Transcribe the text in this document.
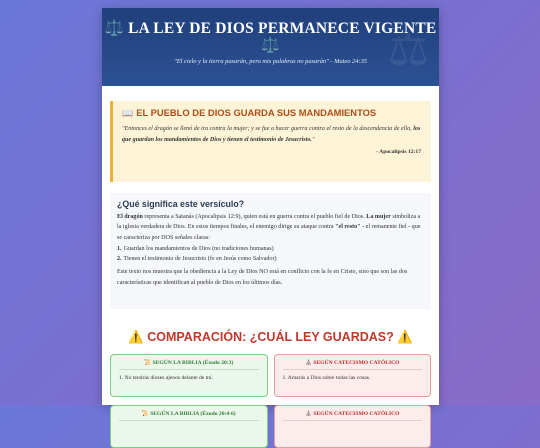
⚖
⚖️ LA LEY DE DIOS PERMANECE VIGENTE
⚖️
"El cielo y la tierra pasarán, pero mis palabras no pasarán" - Mateo 24:35
📖 EL PUEBLO DE DIOS GUARDA SUS MANDAMIENTOS
"Entonces el dragón se llenó de ira contra la mujer; y se fue a hacer guerra contra el resto de la descendencia de ella, los que guardan los mandamientos de Dios y tienen el testimonio de Jesucristo."
- Apocalipsis 12:17
¿Qué significa este versículo?

El dragón representa a Satanás (Apocalipsis 12:9), quien está en guerra contra el pueblo fiel de Dios. La mujer simboliza a la iglesia verdadera de Dios. En estos tiempos finales, el enemigo dirige su ataque contra "el resto" - el remanente fiel - que se caracteriza por DOS señales claras:

1. Guardan los mandamientos de Dios (no tradiciones humanas)
2. Tienen el testimonio de Jesucristo (fe en Jesús como Salvador)

Este texto nos muestra que la obediencia a la Ley de Dios NO está en conflicto con la fe en Cristo, sino que son las dos características que identifican al pueblo de Dios en los últimos días.

⚠️ COMPARACIÓN: ¿CUÁL LEY GUARDAS? ⚠️
📜 SEGÚN LA BIBLIA (Éxodo 20:3)
1. No tendrás dioses ajenos delante de mí.
⛪ SEGÚN CATECISMO CATÓLICO
1. Amarás a Dios sobre todas las cosas.
📜 SEGÚN LA BIBLIA (Éxodo 20:4-6)	⛪ SEGÚN CATECISMO CATÓLICO
